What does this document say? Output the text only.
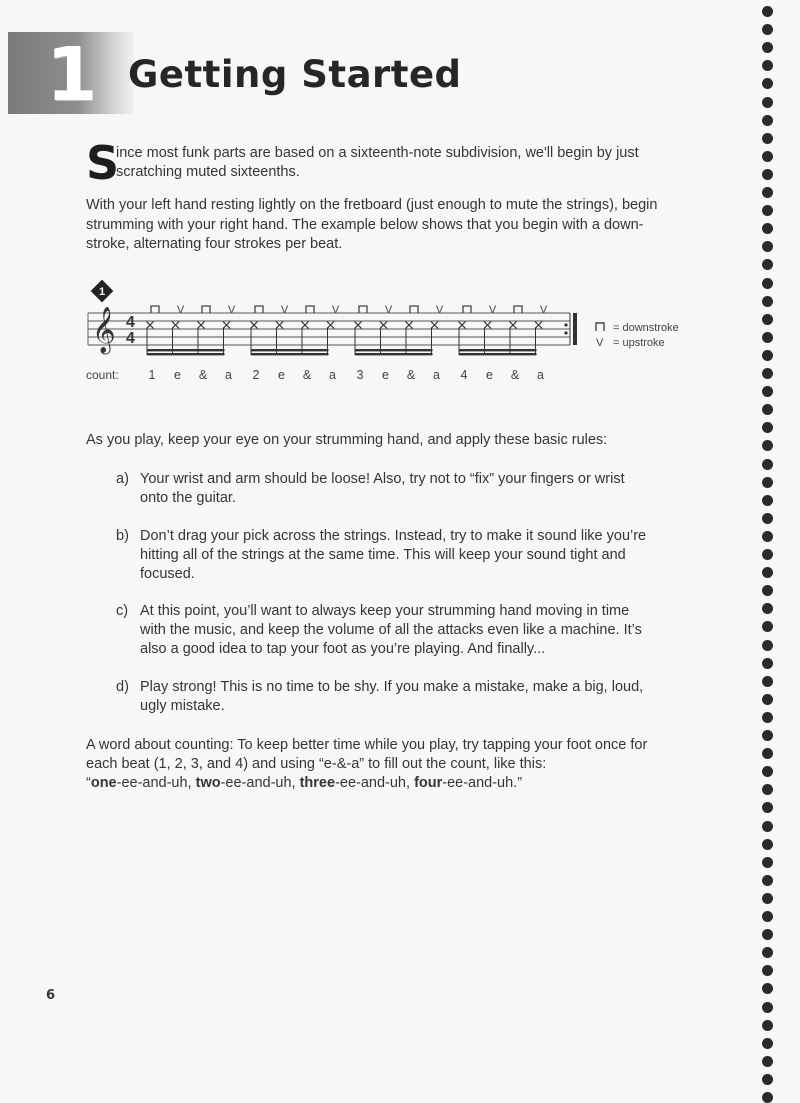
1 Getting Started
S
ince most funk parts are based on a sixteenth-note subdivision, we'll begin by just
scratching muted sixteenths.

With your left hand resting lightly on the fretboard (just enough to mute the strings), begin strumming with your right hand. The example below shows that you begin with a down-stroke, alternating four strokes per beat.

1
𝄞 4
4
V	V	V	V	V	V	V	V
1 e & a 2 e & a 3 e & a 4 e & a
count:
= downstroke
V = upstroke
As you play, keep your eye on your strumming hand, and apply these basic rules:
a) Your wrist and arm should be loose! Also, try not to “fix” your fingers or wrist
onto the guitar.
b) Don’t drag your pick across the strings. Instead, try to make it sound like you’re
hitting all of the strings at the same time. This will keep your sound tight and
focused.
c) At this point, you’ll want to always keep your strumming hand moving in time
with the music, and keep the volume of all the attacks even like a machine. It’s
also a good idea to tap your foot as you’re playing. And finally...
d) Play strong! This is no time to be shy. If you make a mistake, make a big, loud,
ugly mistake.
A word about counting: To keep better time while you play, try tapping your foot once for
each beat (1, 2, 3, and 4) and using “e-&-a” to fill out the count, like this:
“one-ee-and-uh, two-ee-and-uh, three-ee-and-uh, four-ee-and-uh.”
6
